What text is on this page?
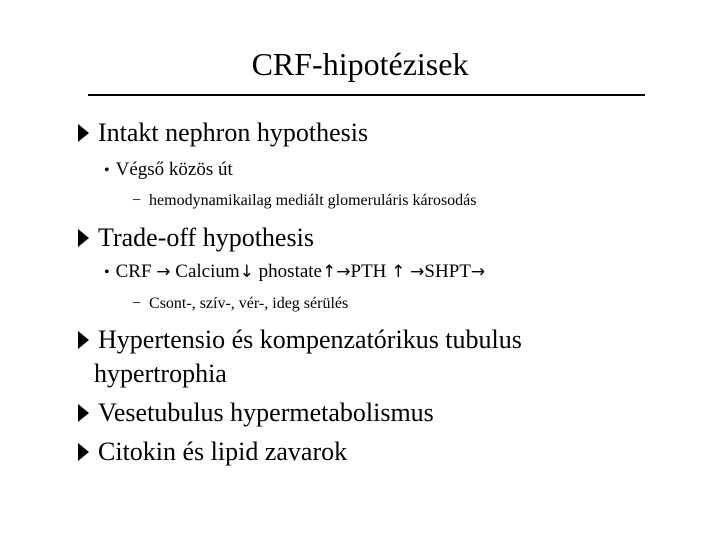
CRF-hipotézisek
Intakt nephron hypothesis
• Végső közös út
− hemodynamikailag mediált glomeruláris károsodás
Trade-off hypothesis
• CRF → Calcium↓ phostate↑→PTH ↑ →SHPT→
− Csont-, szív-, vér-, ideg sérülés
Hypertensio és kompenzatórikus tubulus
hypertrophia
Vesetubulus hypermetabolismus
Citokin és lipid zavarok
